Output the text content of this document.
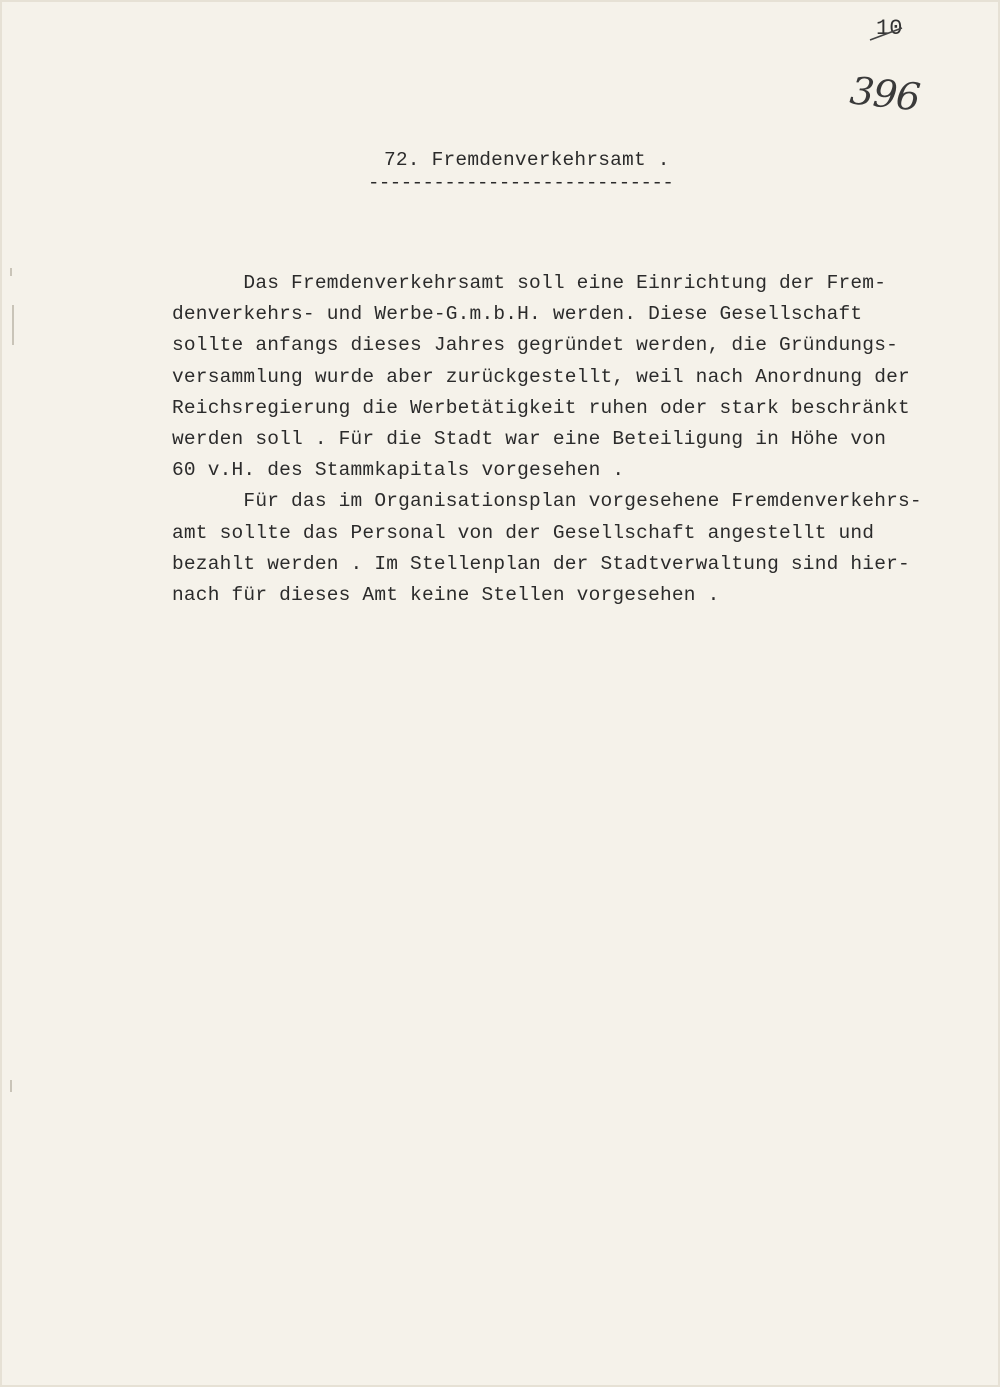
10
396
72. Fremdenverkehrsamt .
----------------------------
Das Fremdenverkehrsamt soll eine Einrichtung der Frem-
denverkehrs- und Werbe-G.m.b.H. werden. Diese Gesellschaft
sollte anfangs dieses Jahres gegründet werden, die Gründungs-
versammlung wurde aber zurückgestellt, weil nach Anordnung der
Reichsregierung die Werbetätigkeit ruhen oder stark beschränkt
werden soll . Für die Stadt war eine Beteiligung in Höhe von
60 v.H. des Stammkapitals vorgesehen .
Für das im Organisationsplan vorgesehene Fremdenverkehrs-
amt sollte das Personal von der Gesellschaft angestellt und
bezahlt werden . Im Stellenplan der Stadtverwaltung sind hier-
nach für dieses Amt keine Stellen vorgesehen .
